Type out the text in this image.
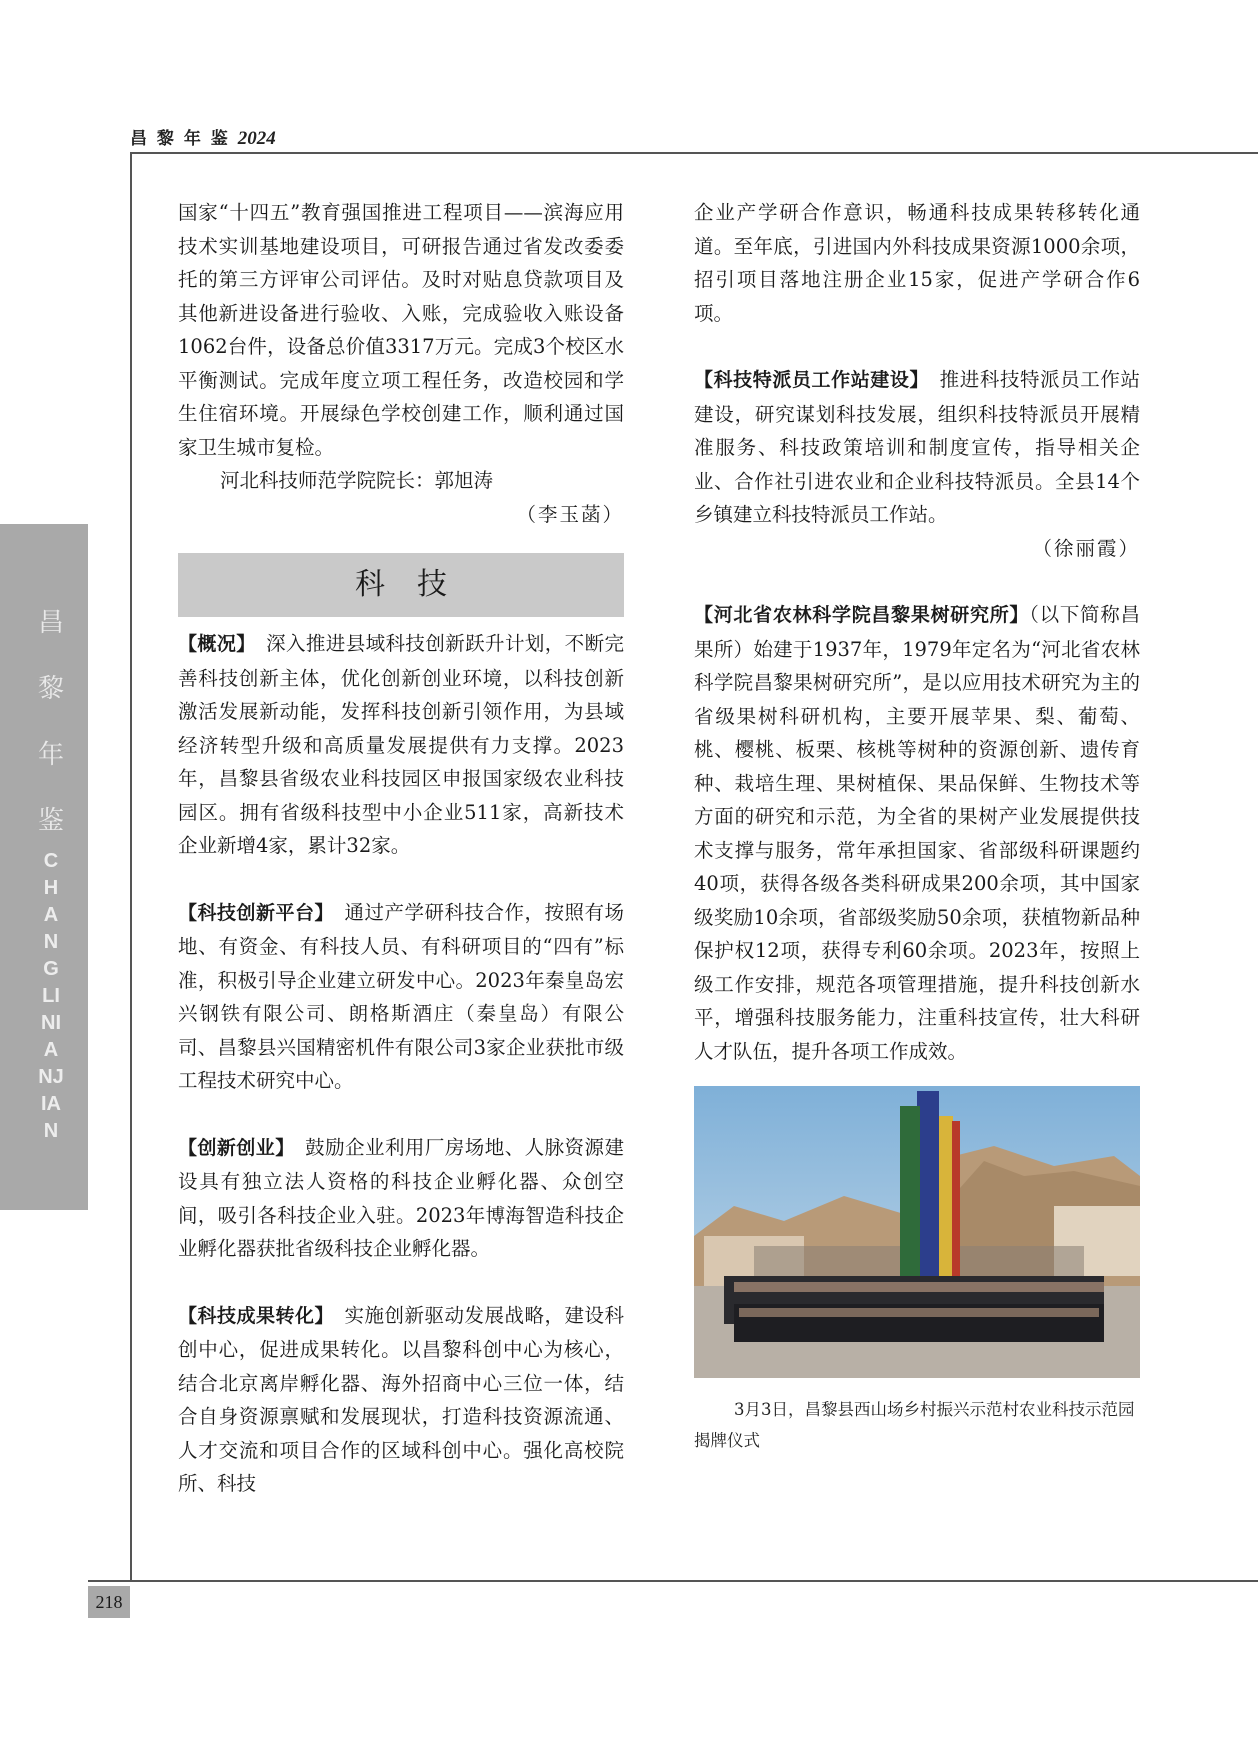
昌 黎 年 鉴 2024
昌黎年鉴
CHANGLINIANJIAN
218

国家“十四五”教育强国推进工程项目——滨海应用技术实训基地建设项目，可研报告通过省发改委委托的第三方评审公司评估。及时对贴息贷款项目及其他新进设备进行验收、入账，完成验收入账设备1062台件，设备总价值3317万元。完成3个校区水平衡测试。完成年度立项工程任务，改造校园和学生住宿环境。开展绿色学校创建工作，顺利通过国家卫生城市复检。

河北科技师范学院院长：郭旭涛

（李玉菡）

科技

【概况】　 深入推进县域科技创新跃升计划，不断完善科技创新主体，优化创新创业环境，以科技创新激活发展新动能，发挥科技创新引领作用，为县域经济转型升级和高质量发展提供有力支撑。2023年，昌黎县省级农业科技园区申报国家级农业科技园区。拥有省级科技型中小企业511家，高新技术企业新增4家，累计32家。

【科技创新平台】　 通过产学研科技合作，按照有场地、有资金、有科技人员、有科研项目的“四有”标准，积极引导企业建立研发中心。2023年秦皇岛宏兴钢铁有限公司、朗格斯酒庄（秦皇岛）有限公司、昌黎县兴国精密机件有限公司3家企业获批市级工程技术研究中心。

【创新创业】　 鼓励企业利用厂房场地、人脉资源建设具有独立法人资格的科技企业孵化器、众创空间，吸引各科技企业入驻。2023年博海智造科技企业孵化器获批省级科技企业孵化器。

【科技成果转化】　 实施创新驱动发展战略，建设科创中心，促进成果转化。以昌黎科创中心为核心，结合北京离岸孵化器、海外招商中心三位一体，结合自身资源禀赋和发展现状，打造科技资源流通、人才交流和项目合作的区域科创中心。强化高校院所、科技

企业产学研合作意识，畅通科技成果转移转化通道。至年底，引进国内外科技成果资源1000余项，招引项目落地注册企业15家，促进产学研合作6项。

【科技特派员工作站建设】　 推进科技特派员工作站建设，研究谋划科技发展，组织科技特派员开展精准服务、科技政策培训和制度宣传，指导相关企业、合作社引进农业和企业科技特派员。全县14个乡镇建立科技特派员工作站。

（徐丽霞）

【河北省农林科学院昌黎果树研究所】（以下简称昌果所）始建于1937年，1979年定名为“河北省农林科学院昌黎果树研究所”，是以应用技术研究为主的省级果树科研机构，主要开展苹果、梨、葡萄、桃、樱桃、板栗、核桃等树种的资源创新、遗传育种、栽培生理、果树植保、果品保鲜、生物技术等方面的研究和示范，为全省的果树产业发展提供技术支撑与服务，常年承担国家、省部级科研课题约40项，获得各级各类科研成果200余项，其中国家级奖励10余项，省部级奖励50余项，获植物新品种保护权12项，获得专利60余项。2023年，按照上级工作安排，规范各项管理措施，提升科技创新水平，增强科技服务能力，注重科技宣传，壮大科研人才队伍，提升各项工作成效。

3月3日，昌黎县西山场乡村振兴示范村农业科技示范园揭牌仪式
